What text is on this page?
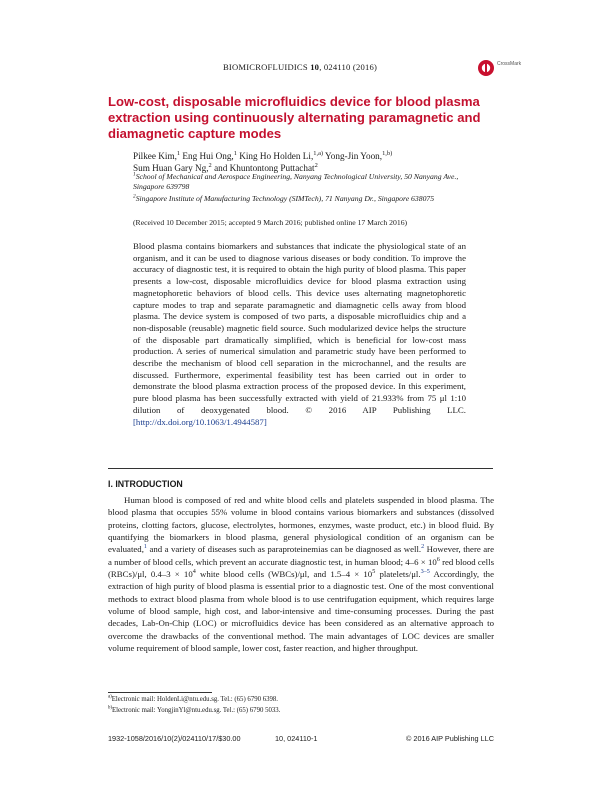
BIOMICROFLUIDICS 10, 024110 (2016)	CrossMark
Low-cost, disposable microfluidics device for blood plasma extraction using continuously alternating paramagnetic and diamagnetic capture modes
Pilkee Kim,$^1$ Eng Hui Ong,$^1$ King Ho Holden Li,$^{1,a)}$ Yong-Jin Yoon,$^{1,b)}$
Sum Huan Gary Ng,$^2$ and Khuntontong Puttachat$^2$
$^1$School of Mechanical and Aerospace Engineering, Nanyang Technological University, 50 Nanyang Ave., Singapore 639798
$^2$Singapore Institute of Manufacturing Technology (SIMTech), 71 Nanyang Dr., Singapore 638075
(Received 10 December 2015; accepted 9 March 2016; published online 17 March 2016)

Blood plasma contains biomarkers and substances that indicate the physiological state of an organism, and it can be used to diagnose various diseases or body condition. To improve the accuracy of diagnostic test, it is required to obtain the high purity of blood plasma. This paper presents a low-cost, disposable microfluidics device for blood plasma extraction using magnetophoretic behaviors of blood cells. This device uses alternating magnetophoretic capture modes to trap and separate paramagnetic and diamagnetic cells away from blood plasma. The device system is composed of two parts, a disposable microfluidics chip and a non-disposable (reusable) magnetic field source. Such modularized device helps the structure of the disposable part dramatically simplified, which is beneficial for low-cost mass production. A series of numerical simulation and parametric study have been performed to describe the mechanism of blood cell separation in the microchannel, and the results are discussed. Furthermore, experimental feasibility test has been carried out in order to demonstrate the blood plasma extraction process of the proposed device. In this experiment, pure blood plasma has been successfully extracted with yield of 21.933% from 75 μl 1:10 dilution of deoxygenated blood. © 2016 AIP Publishing LLC. [http://dx.doi.org/10.1063/1.4944587]

I. INTRODUCTION

Human blood is composed of red and white blood cells and platelets suspended in blood plasma. The blood plasma that occupies 55% volume in blood contains various biomarkers and substances (dissolved proteins, clotting factors, glucose, electrolytes, hormones, enzymes, waste product, etc.) in blood fluid. By quantifying the biomarkers in blood plasma, general physiological condition of an organism can be evaluated,$^1$ and a variety of diseases such as paraproteinemias can be diagnosed as well.$^2$ However, there are a number of blood cells, which prevent an accurate diagnostic test, in human blood; $4-6 \times 10^6$ red blood cells (RBCs)/μl, $0.4-3 \times 10^4$ white blood cells (WBCs)/μl, and $1.5-4 \times 10^5$ platelets/μl.$^{3-5}$ Accordingly, the extraction of high purity of blood plasma is essential prior to a diagnostic test. One of the most conventional methods to extract blood plasma from whole blood is to use centrifugation equipment, which requires large volume of blood sample, high cost, and labor-intensive and time-consuming processes. During the past decades, Lab-On-Chip (LOC) or microfluidics device has been considered as an alternative approach to overcome the drawbacks of the conventional method. The main advantages of LOC devices are smaller volume requirement of blood sample, lower cost, faster reaction, and higher throughput.

$^{a)}$Electronic mail: HoldenLi@ntu.edu.sg. Tel.: (65) 6790 6398.
$^{b)}$Electronic mail: YongjinYl@ntu.edu.sg. Tel.: (65) 6790 5033.
1932-1058/2016/10(2)/024110/17/$30.00	10, 024110-1	© 2016 AIP Publishing LLC
